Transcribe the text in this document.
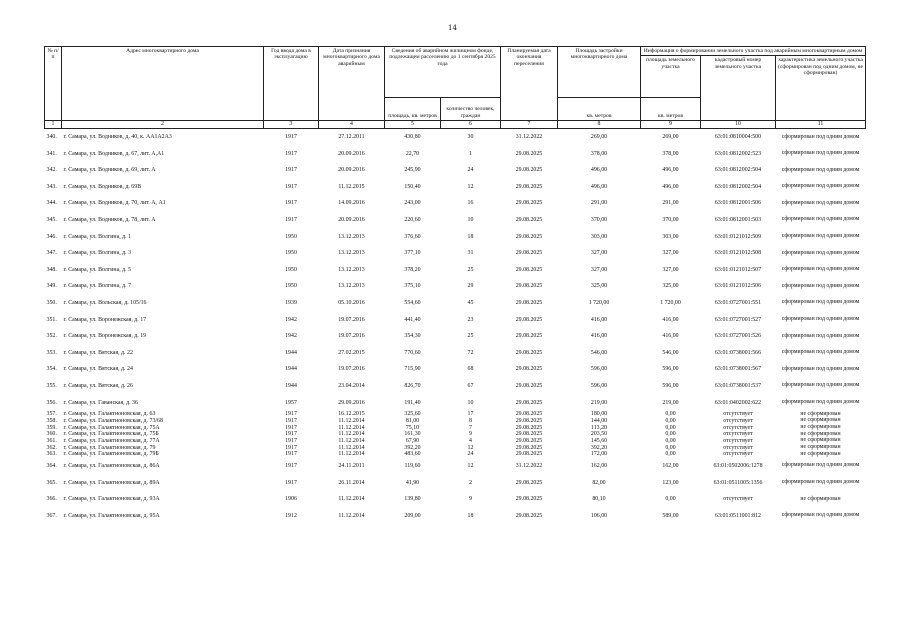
14
№ п/п	Адрес многоквартирного дома	Год ввода дома в эксплуатацию	Дата признания многоквартирного дома аварийным	Сведения об аварийном жилищном фонде, подлежащем расселению до 1 сентября 2025 года		Планируемая дата окончания переселения	Площадь застройки многоквартирного дома	Информация о формировании земельного участка под аварийным многоквартирным домом		
								площадь земельного участка	кадастровый номер земельного участка	характеристика земельного участка (сформирован под одним домом, не сформирован)
				площадь, кв. метров	количество человек, граждан		кв. метров	кв. метров		
1	2	3	4	5	6	7	8	9	10	11
340.	г. Самара, ул. Водников, д. 40, к. АА1А2А3	1917	27.12.2011	430,80	30	31.12.2022	269,00	269,00	63:01:0810004:500	сформирован под одним домом
341.	г. Самара, ул. Водников, д. 67, лит. А,А1	1917	20.09.2016	22,70	1	29.08.2025	378,00	378,00	63:01:0812002:523	сформирован под одним домом
342.	г. Самара, ул. Водников, д. 69, лит. А	1917	20.09.2016	245,90	24	29.08.2025	496,00	496,00	63:01:0812002:504	сформирован под одним домом
343.	г. Самара, ул. Водников, д. 69В	1917	11.12.2015	150,40	12	29.08.2025	496,00	496,00	63:01:0812002:504	сформирован под одним домом
344.	г. Самара, ул. Водников, д. 70, лит. А, А1	1917	14.09.2016	243,00	16	29.08.2025	291,00	291,00	63:01:0812001:506	сформирован под одним домом
345.	г. Самара, ул. Водников, д. 78, лит. А	1917	20.09.2016	220,60	10	29.08.2025	370,00	370,00	63:01:0812001:503	сформирован под одним домом
346.	г. Самара, ул. Волгина, д. 1	1950	13.12.2013	376,60	18	29.08.2025	303,00	303,00	63:01:0121012:509	сформирован под одним домом
347.	г. Самара, ул. Волгина, д. 3	1950	13.12.2013	377,10	31	29.08.2025	327,00	327,00	63:01:0121012:508	сформирован под одним домом
348.	г. Самара, ул. Волгина, д. 5	1950	13.12.2013	378,20	25	29.08.2025	327,00	327,00	63:01:0121012:507	сформирован под одним домом
349.	г. Самара, ул. Волгина, д. 7	1950	13.12.2013	375,10	29	29.08.2025	325,00	325,00	63:01:0121012:506	сформирован под одним домом
350.	г. Самара, ул. Вольская, д. 105/16	1939	05.10.2016	554,60	45	29.08.2025	1 720,00	1 720,00	63:01:0727001:551	сформирован под одним домом
351.	г. Самара, ул. Воронежская, д. 17	1942	19.07.2016	441,40	23	29.08.2025	416,00	416,00	63:01:0727001:527	сформирован под одним домом
352.	г. Самара, ул. Воронежская, д. 19	1942	19.07.2016	354,30	25	29.08.2025	416,00	416,00	63:01:0727001:526	сформирован под одним домом
353.	г. Самара, ул. Вятская, д. 22	1944	27.02.2015	770,60	72	29.08.2025	546,00	546,00	63:01:0738001:566	сформирован под одним домом
354.	г. Самара, ул. Вятская, д. 24	1944	19.07.2016	715,90	68	29.08.2025	596,00	596,00	63:01:0738001:567	сформирован под одним домом
355.	г. Самара, ул. Вятская, д. 26	1944	23.04.2014	826,70	67	29.08.2025	596,00	596,00	63:01:0738001:537	сформирован под одним домом
356.	г. Самара, ул. Гаванская, д. 36	1957	29.09.2016	191,40	10	29.08.2025	219,00	219,00	63:01:0402002:622	сформирован под одним домом
357.	г. Самара, ул. Галактионовская, д. 63	1917	16.12.2015	325,60	17	29.08.2025	180,00	0,00	отсутствует	не сформирован
358.	г. Самара, ул. Галактионовская, д. 73/68	1917	11.12.2014	81,00	8	29.08.2025	144,00	0,00	отсутствует	не сформирован
359.	г. Самара, ул. Галактионовская, д. 75А	1917	11.12.2014	75,10	7	29.08.2025	113,20	0,00	отсутствует	не сформирован
360.	г. Самара, ул. Галактионовская, д. 75Б	1917	11.12.2014	161,30	9	29.08.2025	203,50	0,00	отсутствует	не сформирован
361.	г. Самара, ул. Галактионовская, д. 77А	1917	11.12.2014	67,90	4	29.08.2025	145,60	0,00	отсутствует	не сформирован
362.	г. Самара, ул. Галактионовская, д. 79	1917	11.12.2014	392,20	12	29.08.2025	392,20	0,00	отсутствует	не сформирован
363.	г. Самара, ул. Галактионовская, д. 79Б	1917	11.12.2014	483,60	24	29.08.2025	172,00	0,00	отсутствует	не сформирован
364.	г. Самара, ул. Галактионовская, д. 86А	1917	24.11.2011	119,60	12	31.12.2022	162,00	162,00	63:01:0502006:1278	сформирован под одним домом
365.	г. Самара, ул. Галактионовская, д. 89А	1917	26.11.2014	41,90	2	29.08.2025	82,00	123,00	63:01:0511005:1356	сформирован под одним домом
366.	г. Самара, ул. Галактионовская, д. 93А	1906	11.12.2014	139,80	9	29.08.2025	80,10	0,00	отсутствует	не сформирован
367.	г. Самара, ул. Галактионовская, д. 95А	1912	11.12.2014	209,00	18	29.08.2025	106,00	589,00	63:01:0511001:812	сформирован под одним домом
